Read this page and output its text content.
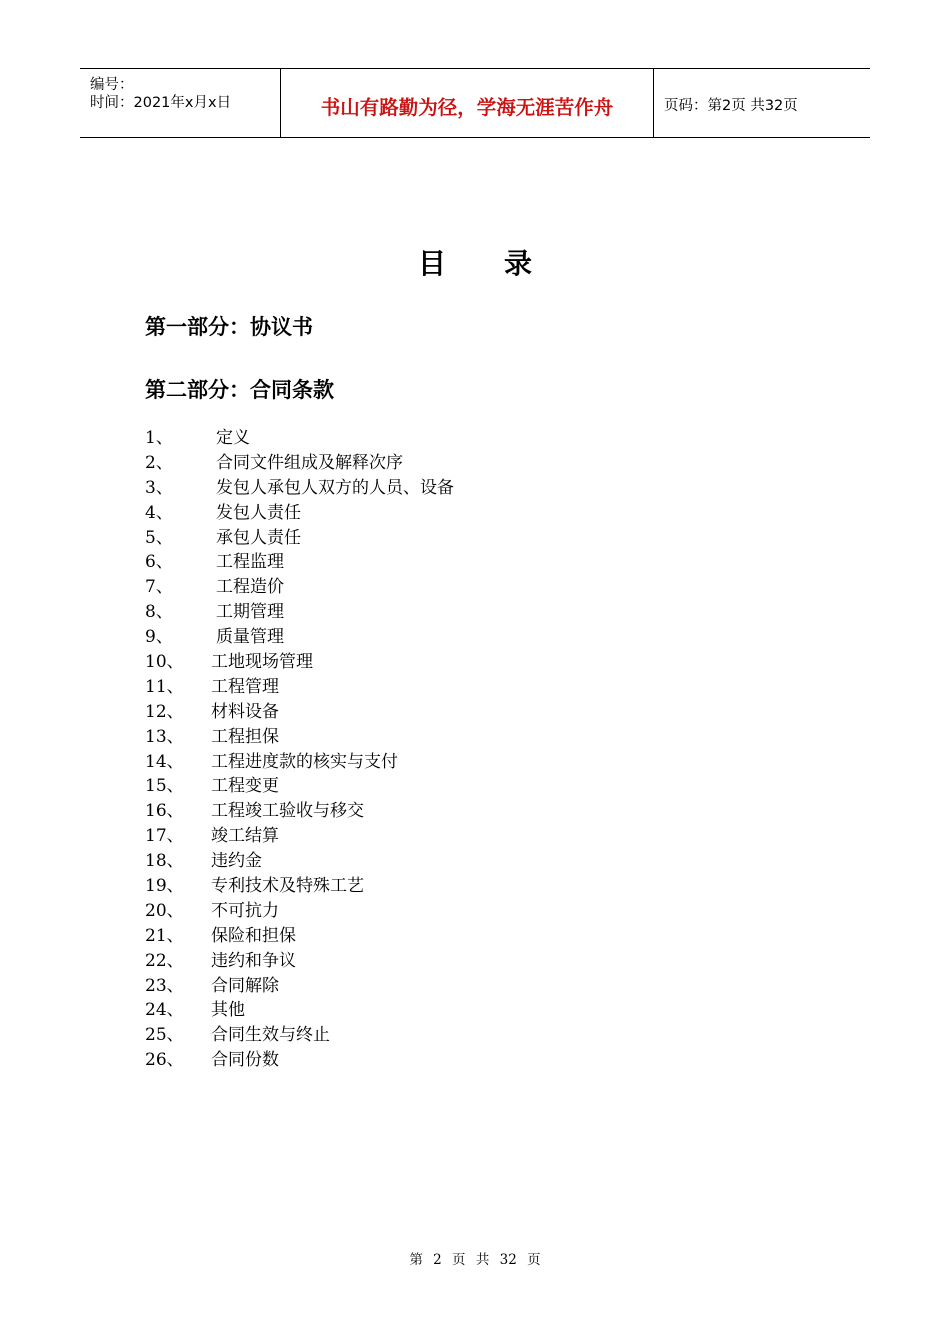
编号：
时间：2021年x月x日	书山有路勤为径，学海无涯苦作舟	页码：第2页 共32页
目录
第一部分：协议书
第二部分：合同条款
1、	定义
2、	合同文件组成及解释次序
3、	发包人承包人双方的人员、设备
4、	发包人责任
5、	承包人责任
6、	工程监理
7、	工程造价
8、	工期管理
9、	质量管理
10、 工地现场管理
11、 工程管理
12、 材料设备
13、 工程担保
14、 工程进度款的核实与支付
15、 工程变更
16、 工程竣工验收与移交
17、 竣工结算
18、 违约金
19、 专利技术及特殊工艺
20、 不可抗力
21、 保险和担保
22、 违约和争议
23、 合同解除
24、 其他
25、 合同生效与终止
26、 合同份数
第 2 页 共 32 页
